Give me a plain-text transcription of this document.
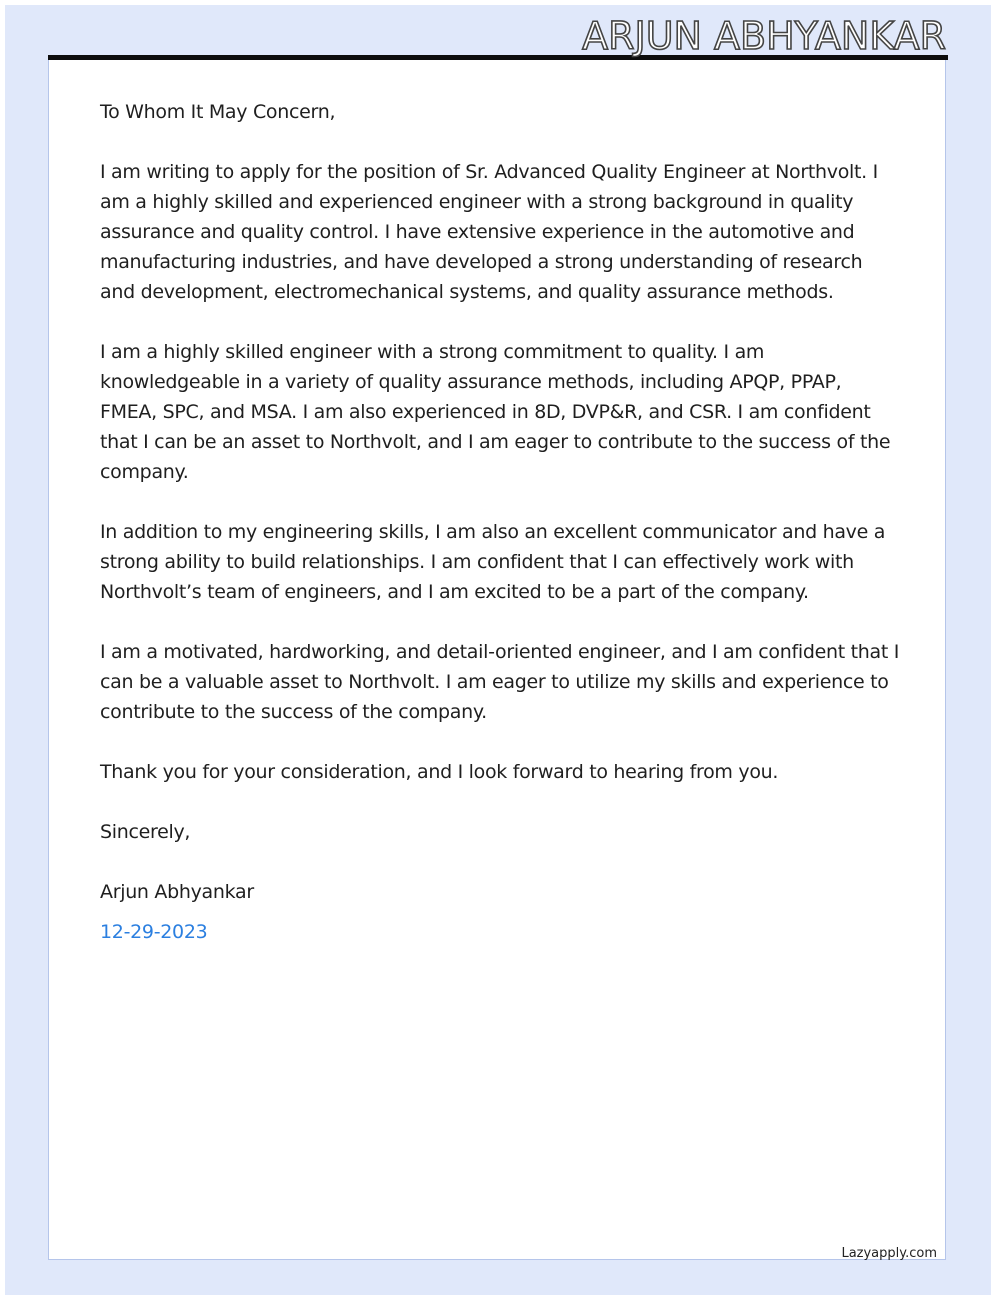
ARJUN ABHYANKAR

To Whom It May Concern,

I am writing to apply for the position of Sr. Advanced Quality Engineer at Northvolt. I am a highly skilled and experienced engineer with a strong background in quality assurance and quality control. I have extensive experience in the automotive and manufacturing industries, and have developed a strong understanding of research and development, electromechanical systems, and quality assurance methods.

I am a highly skilled engineer with a strong commitment to quality. I am knowledgeable in a variety of quality assurance methods, including APQP, PPAP, FMEA, SPC, and MSA. I am also experienced in 8D, DVP&R, and CSR. I am confident that I can be an asset to Northvolt, and I am eager to contribute to the success of the company.

In addition to my engineering skills, I am also an excellent communicator and have a strong ability to build relationships. I am confident that I can effectively work with Northvolt’s team of engineers, and I am excited to be a part of the company.

I am a motivated, hardworking, and detail-oriented engineer, and I am confident that I can be a valuable asset to Northvolt. I am eager to utilize my skills and experience to contribute to the success of the company.

Thank you for your consideration, and I look forward to hearing from you.

Sincerely,

Arjun Abhyankar

12-29-2023

Lazyapply.com
